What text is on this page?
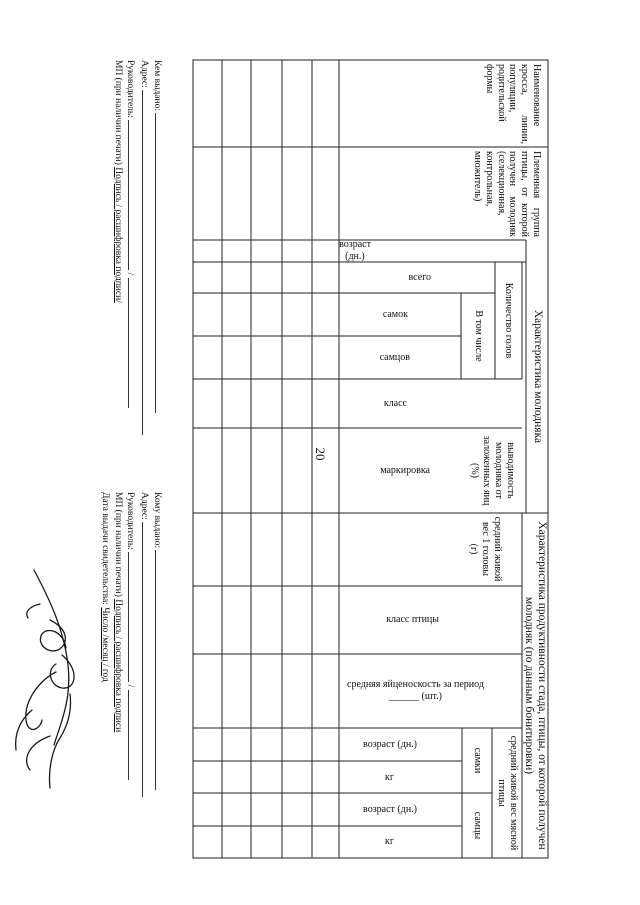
20
Наименование кросса, линии, популяции, родительской формы
Племенная группа птицы, от которой получен молодняк (селекционная, контрольная, множитель)
Характеристика молодняка
Характеристика продуктивности стада, птицы, от которой получен молодняк (по данным бонитировки)
возраст (дн.)
Количество голов
всего
В том числе
самок
самцов
класс
маркировка
класс птицы
средняя яйценоскость за период ______ (шт.)
средний живой вес мясной птицы
самки
самцы
возраст (дн.)
кг
возраст (дн.)
кг
выводимость молодняка от заложенных яиц (%)
средний живой вес 1 головы (г)
Кем выдано:
Адрес:
Руководитель:  /
МП (при наличии печати) Подпись / расшифровка подписи/
Кому выдано:
Адрес:
Руководитель:  /
МП (при наличии печати) Подпись / расшифровка подписи
Дата выдачи свидетельства: Число /месяц / год
